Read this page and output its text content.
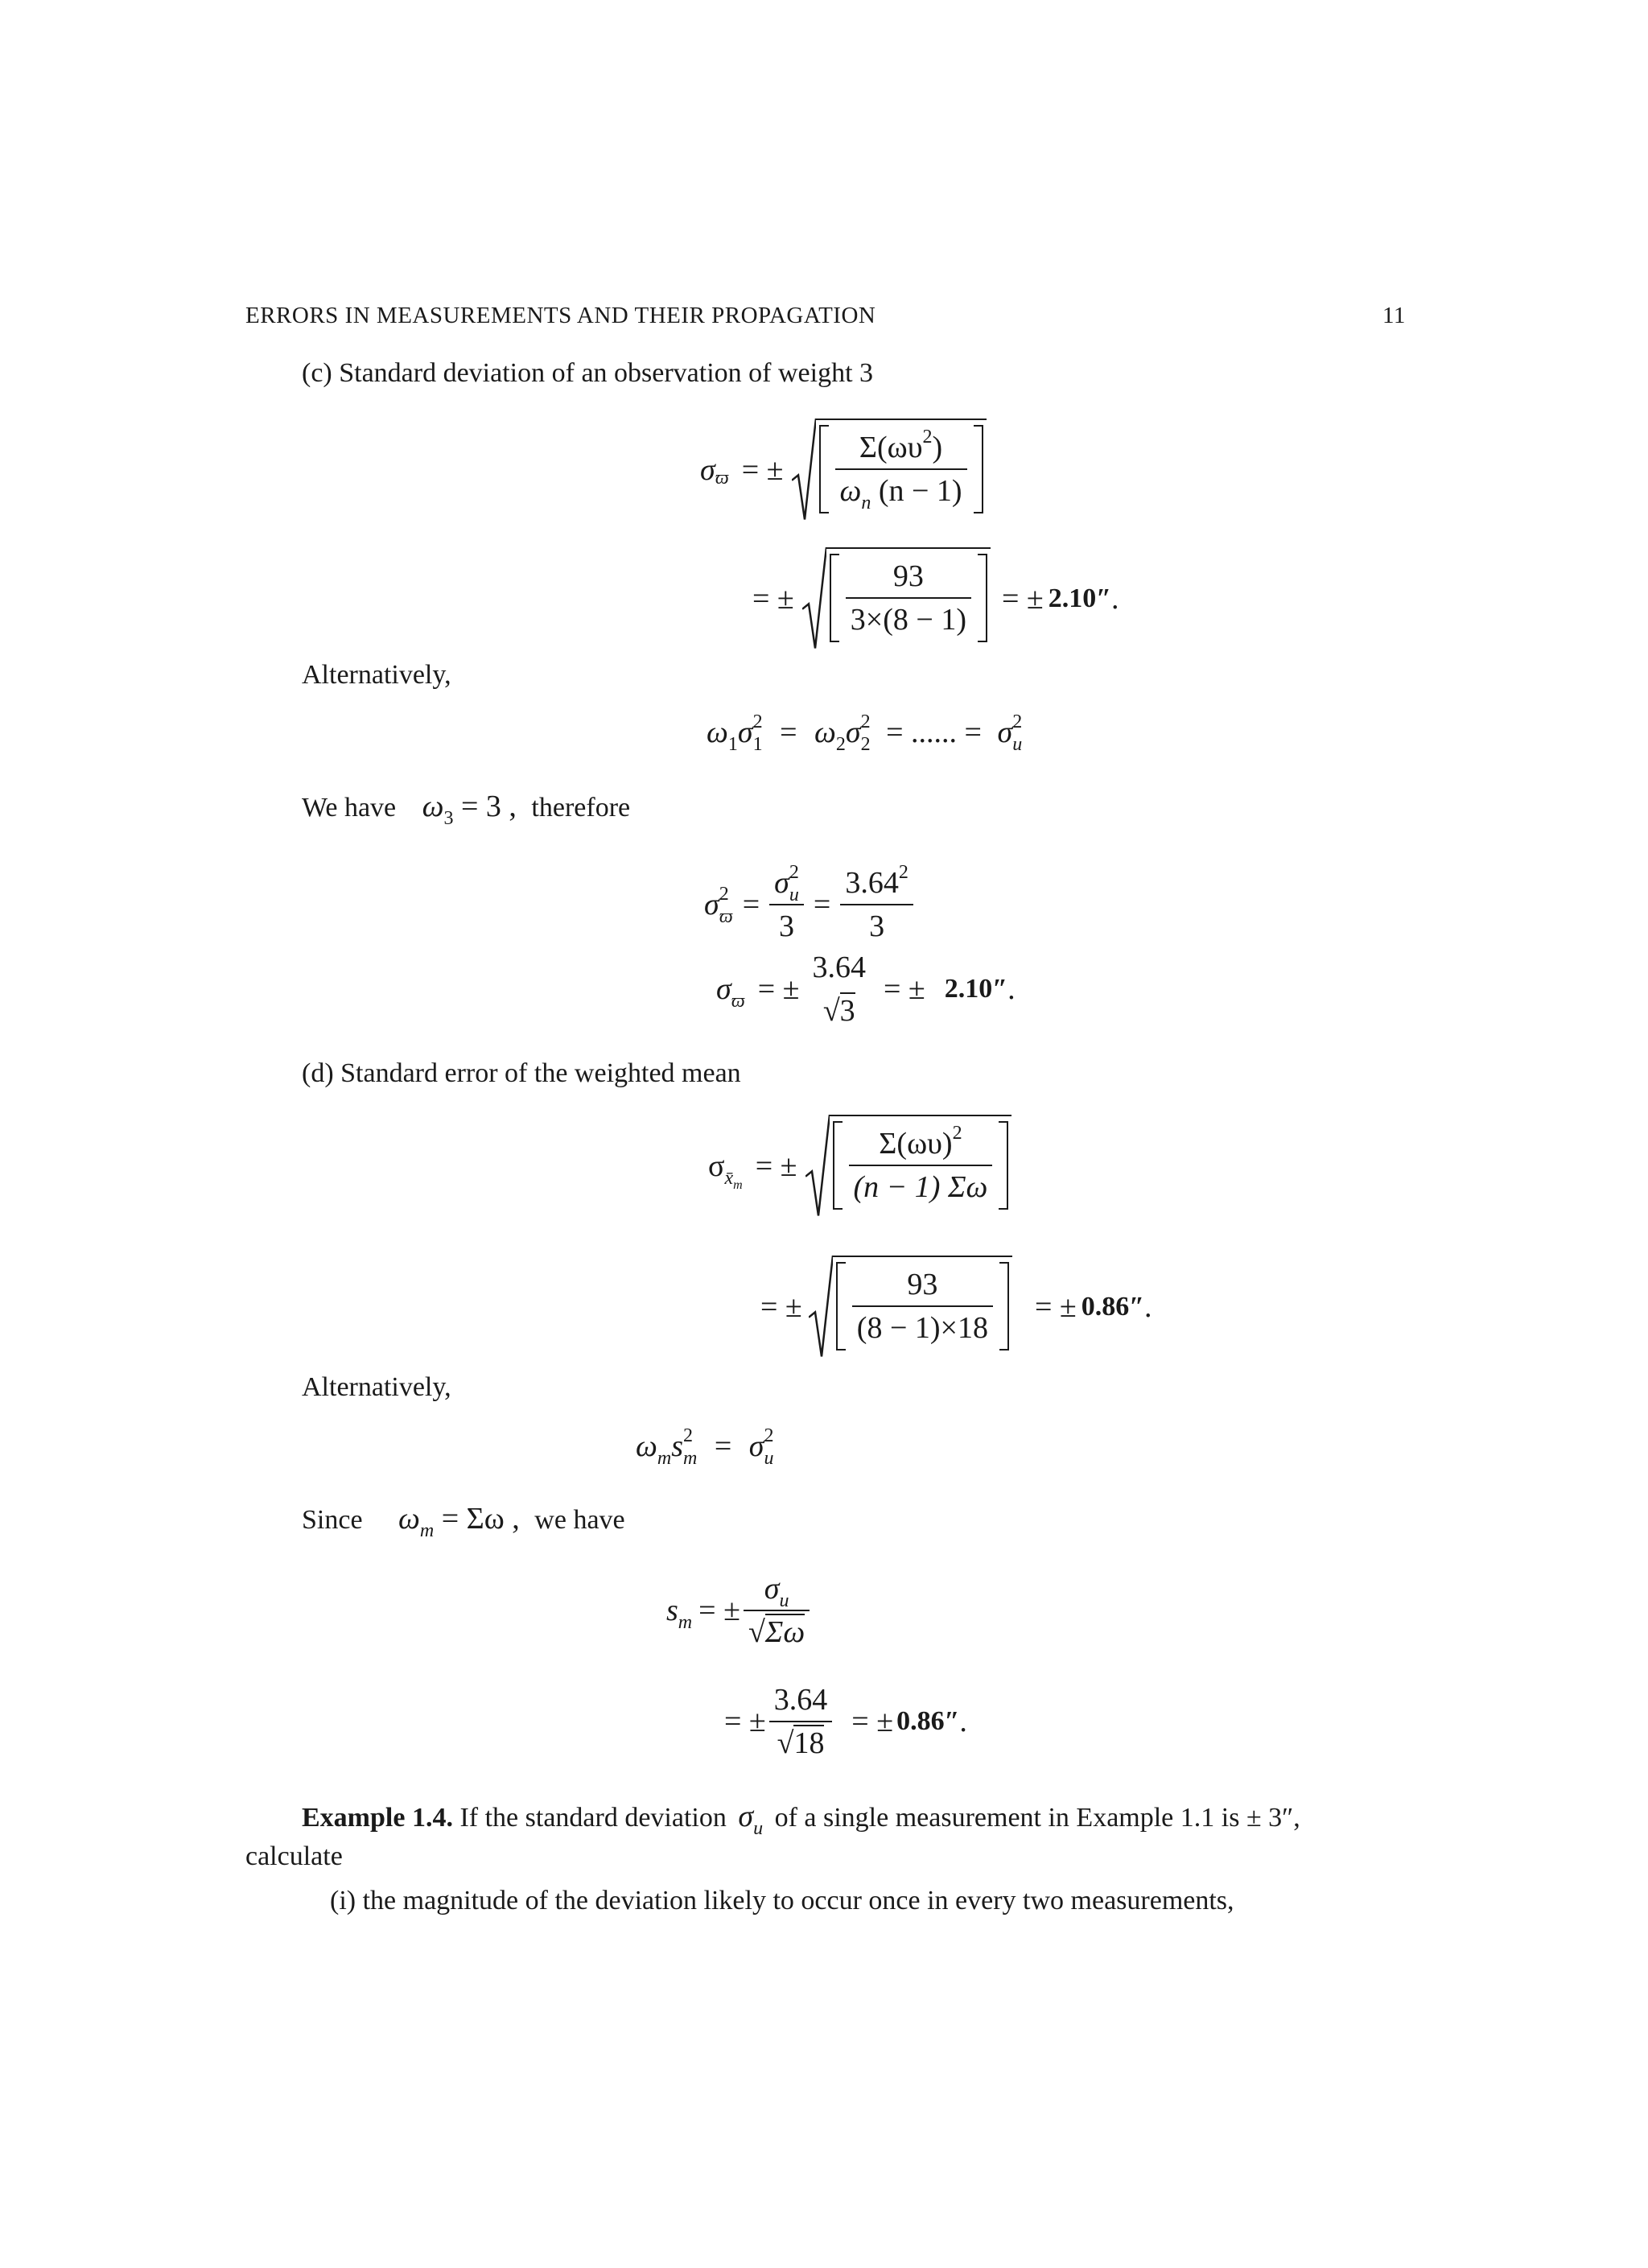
ERRORS IN MEASUREMENTS AND THEIR PROPAGATION	11
(c) Standard deviation of an observation of weight 3
σ ϖ = ± $\frac{\Sigma(\omega\upsilon^2)}{\omega_n (n - 1)}$
= ± $\frac{93}{3\times(8 - 1)}$ = ± 2.10″ .
Alternatively,
$\omega_1\sigma^2_1 = \omega_2\sigma^2_2$ = ...... = $\sigma^2_u$
We have $\omega_3 = 3$ , therefore
$\sigma^2_ϖ = \frac{\sigma^2_u}{3} = \frac{3.64^2}{3}$
$\sigma_ϖ$ = ±
3.64
√3
= ± 2.10″ .
(d) Standard error of the weighted mean
$\sigma_{x̄m}$
= ± $\frac{\Sigma(\omega\upsilon)^2}{(n - 1) \Sigma\omega}$
= ± $\frac{93}{(8 - 1)\times 18}$ = ± 0.86″ .
Alternatively,
$\omega_ms^2_m = \sigma^2_u$
Since $\omega_m = \Sigma\omega$ , we have
$s_m$ = ± $\frac{\sigma_u}{√\Sigma\omega}$
= ± $\frac{3.64}{√18}$ = ± 0.86″ .
Example 1.4. If the standard deviation $\sigma_u$ of a single measurement in Example 1.1 is ± 3″,
calculate
(i) the magnitude of the deviation likely to occur once in every two measurements,
